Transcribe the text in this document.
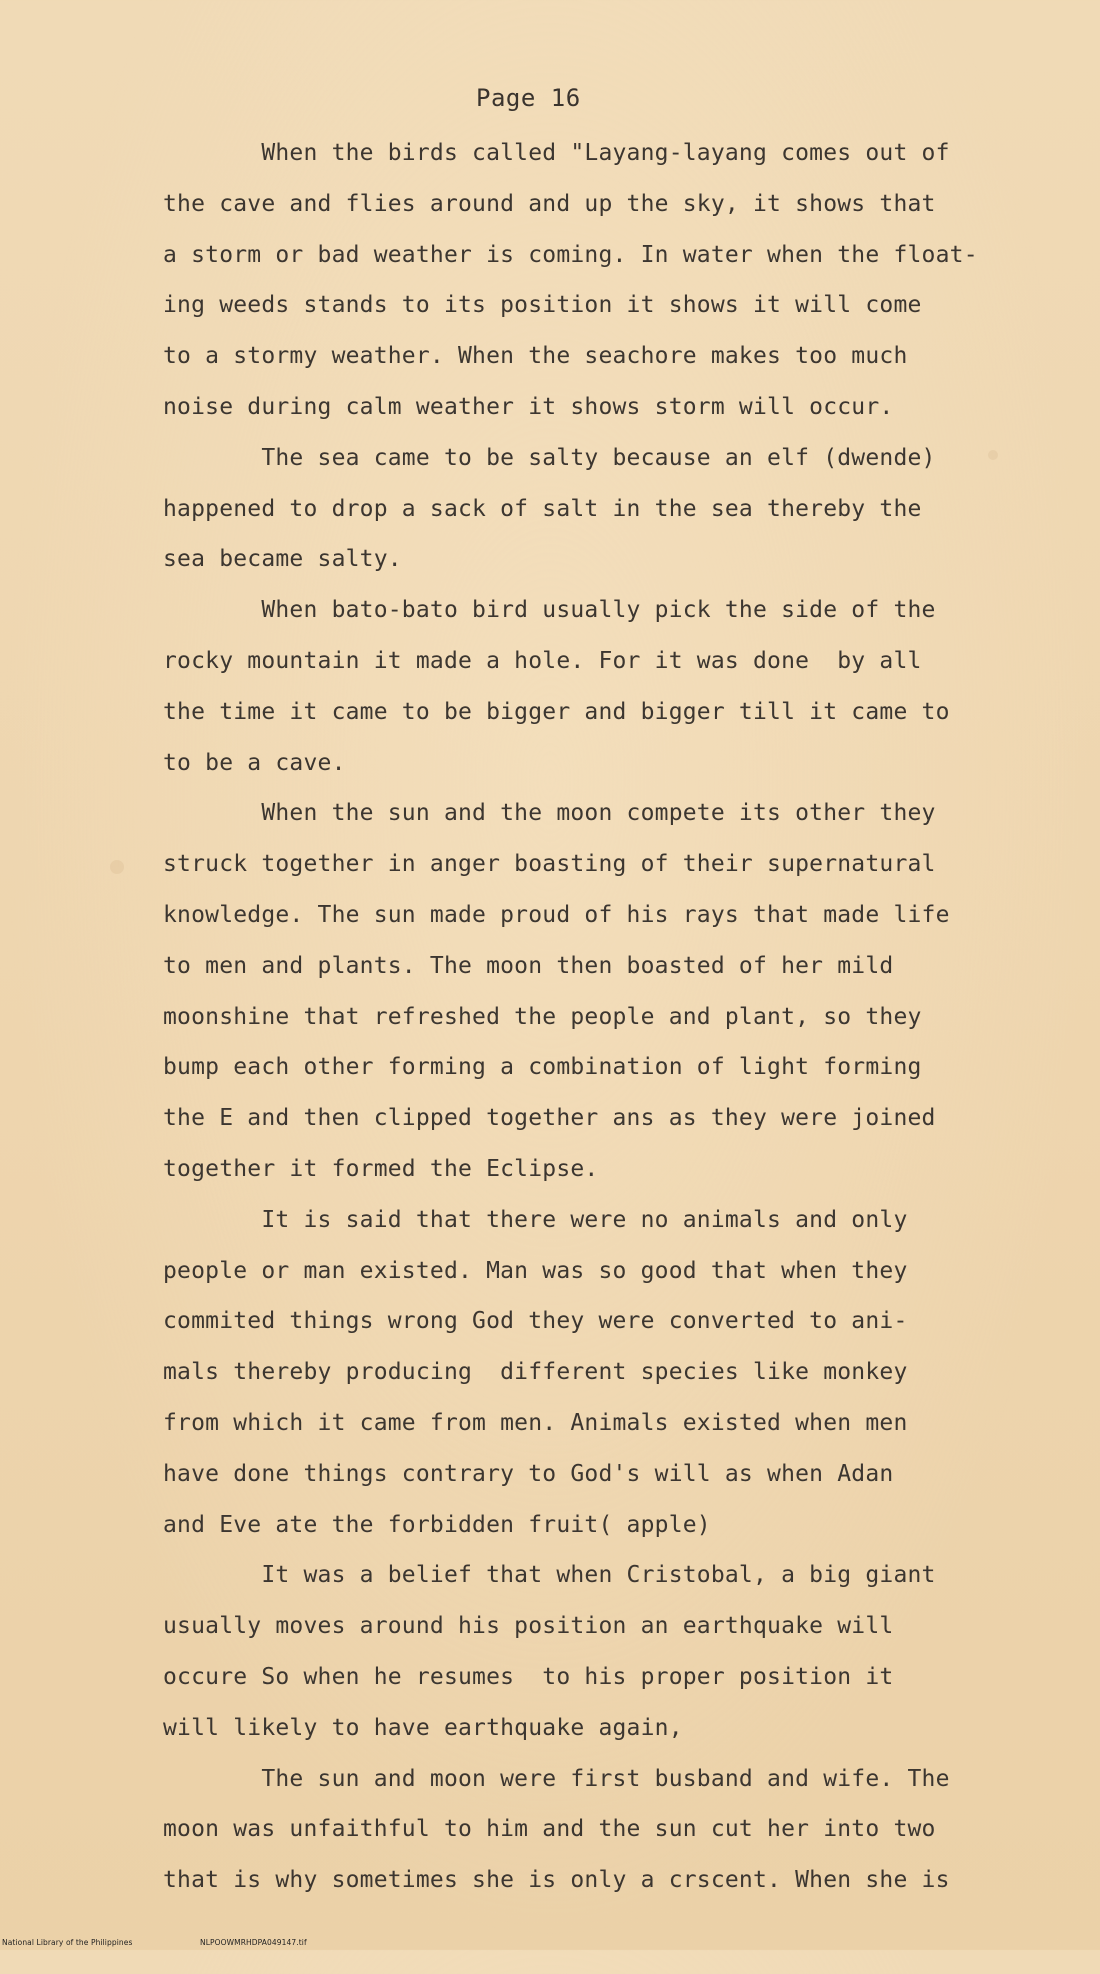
Page 16
When the birds called "Layang-layang comes out of
the cave and flies around and up the sky, it shows that
a storm or bad weather is coming. In water when the float-
ing weeds stands to its position it shows it will come
to a stormy weather. When the seachore makes too much
noise during calm weather it shows storm will occur.
The sea came to be salty because an elf (dwende)
happened to drop a sack of salt in the sea thereby the
sea became salty.
When bato-bato bird usually pick the side of the
rocky mountain it made a hole. For it was done  by all
the time it came to be bigger and bigger till it came to
to be a cave.
When the sun and the moon compete its other they
struck together in anger boasting of their supernatural
knowledge. The sun made proud of his rays that made life
to men and plants. The moon then boasted of her mild
moonshine that refreshed the people and plant, so they
bump each other forming a combination of light forming
the E and then clipped together ans as they were joined
together it formed the Eclipse.
It is said that there were no animals and only
people or man existed. Man was so good that when they
commited things wrong God they were converted to ani-
mals thereby producing  different species like monkey
from which it came from men. Animals existed when men
have done things contrary to God's will as when Adan
and Eve ate the forbidden fruit( apple)
It was a belief that when Cristobal, a big giant
usually moves around his position an earthquake will
occure So when he resumes  to his proper position it
will likely to have earthquake again,
The sun and moon were first busband and wife. The
moon was unfaithful to him and the sun cut her into two
that is why sometimes she is only a crscent. When she is

National Library of the Philippines

	NLPOOWMRHDPA049147.tif
